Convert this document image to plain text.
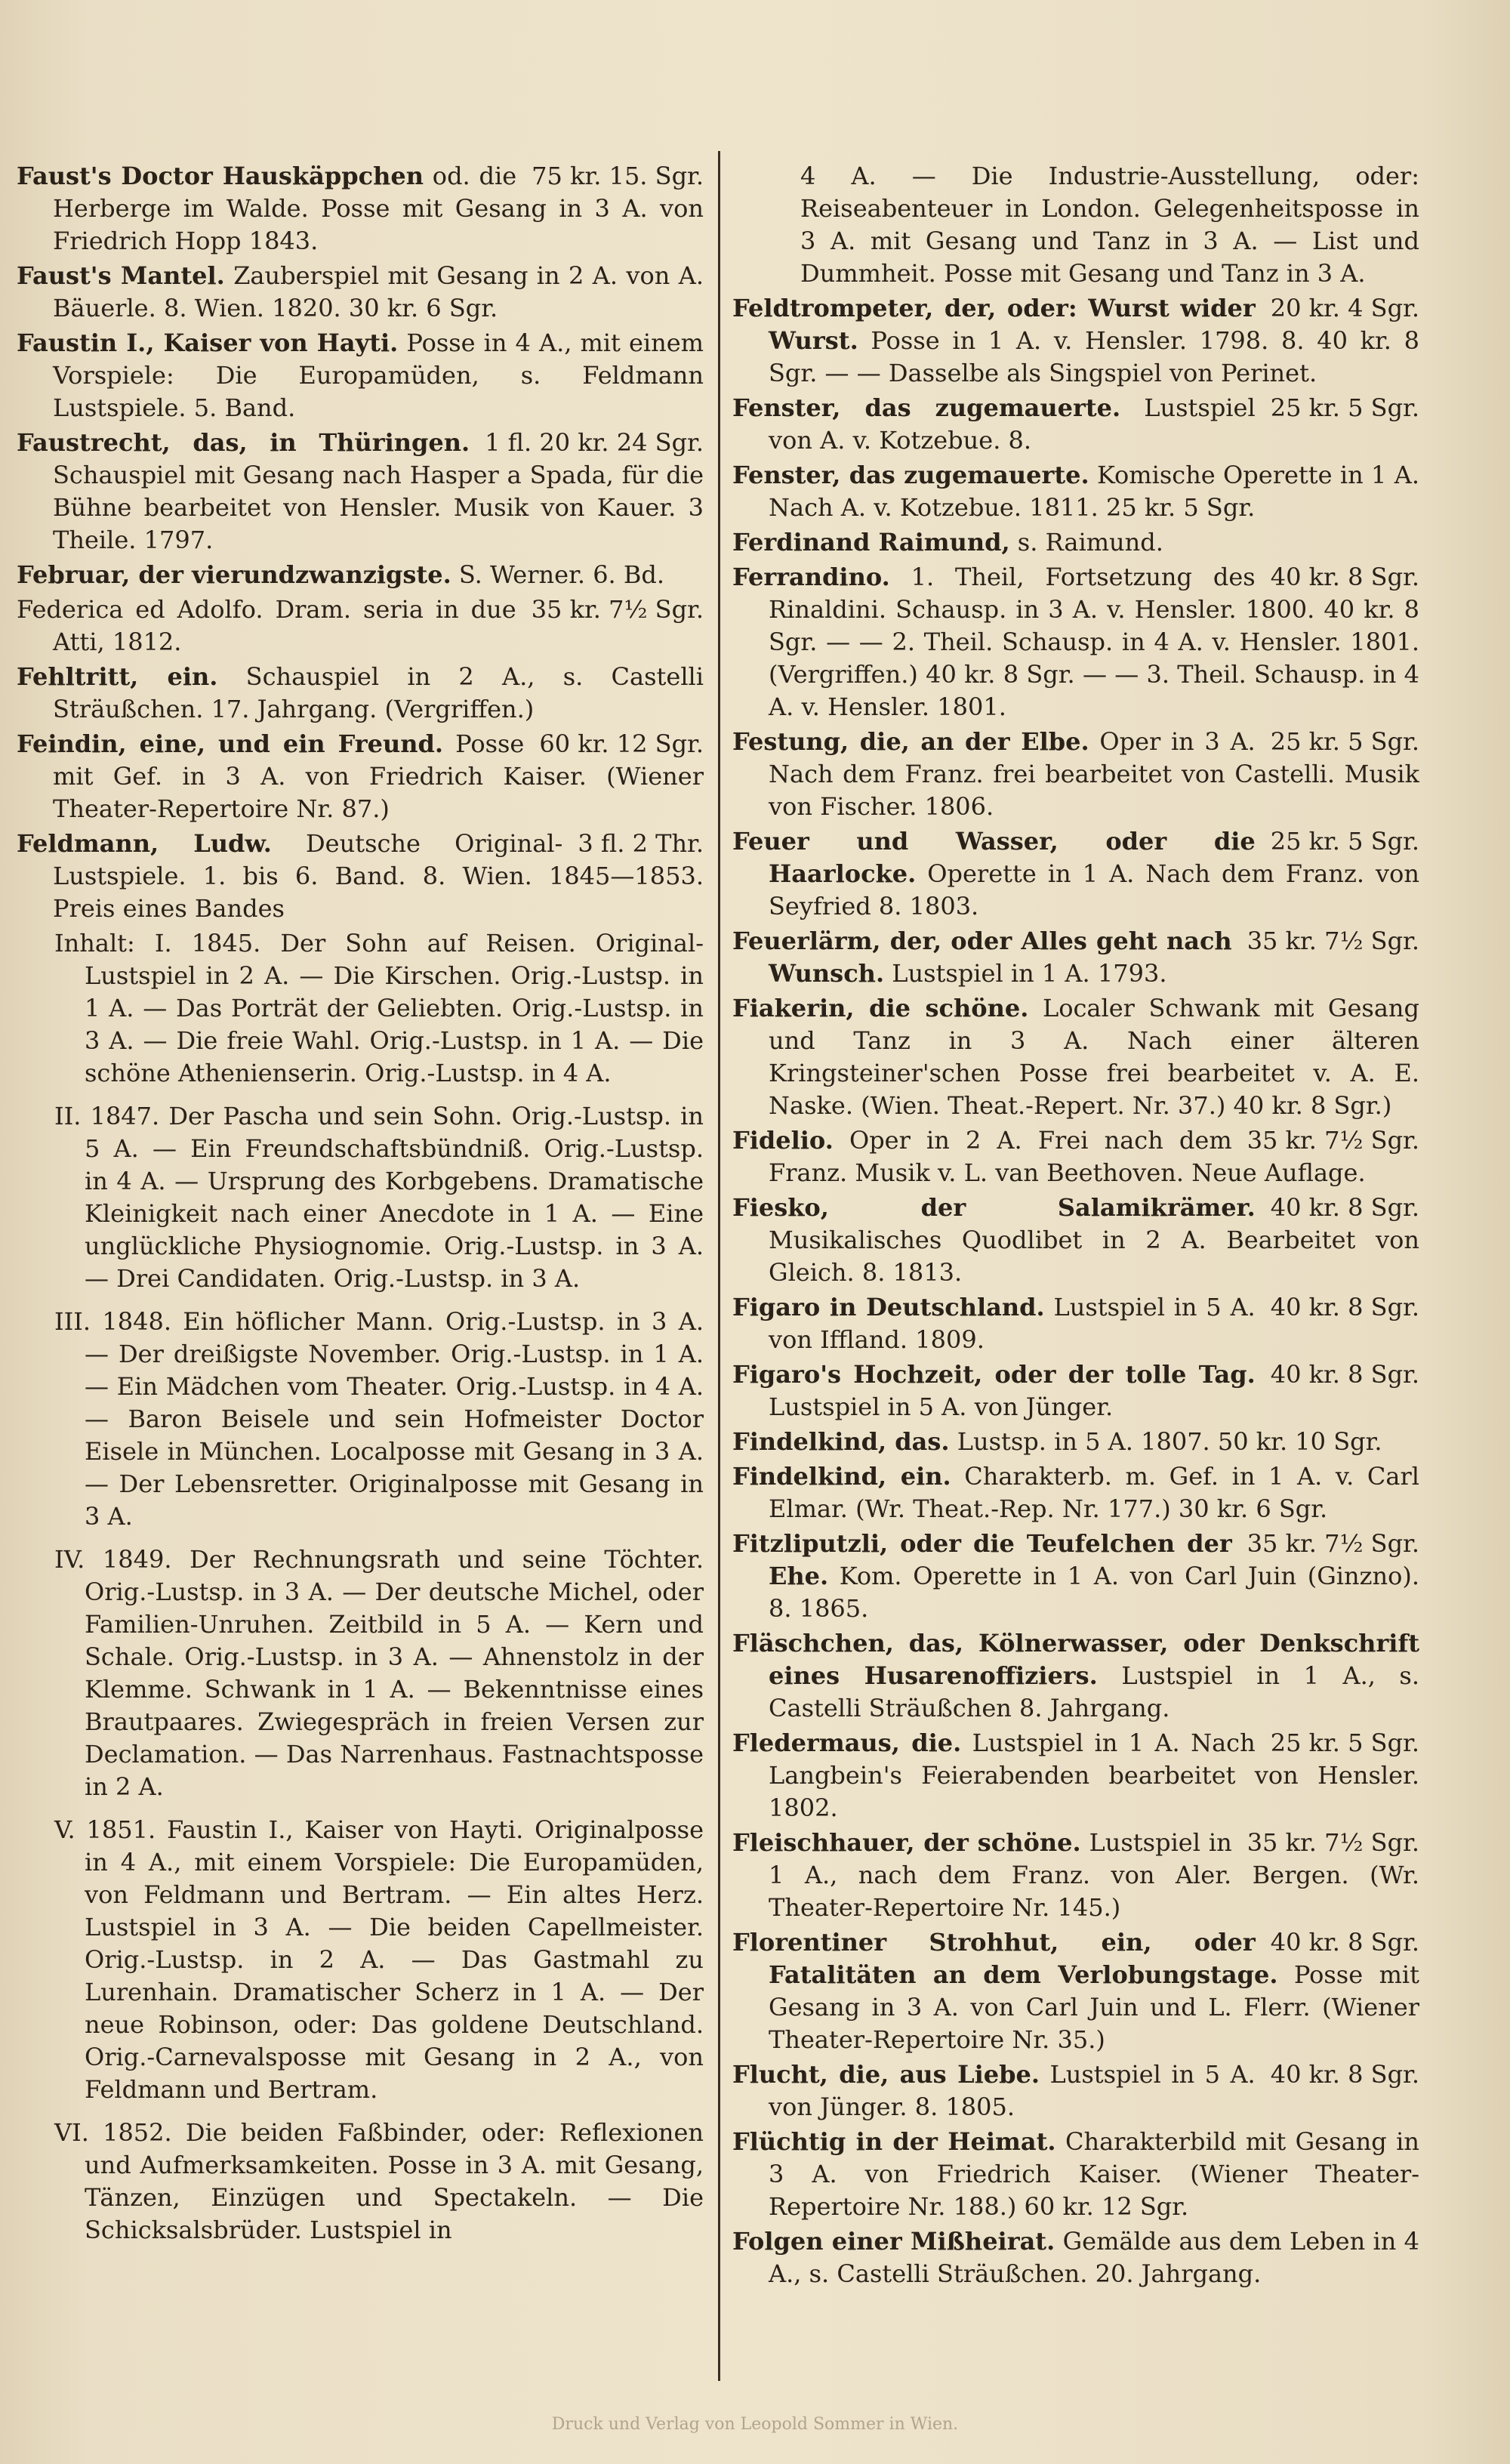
75 kr. 15. Sgr.
Faust's Doctor Hauskäppchen od. die Herberge im Walde. Posse mit Gesang in 3 A. von Friedrich Hopp 1843.

Faust's Mantel. Zauberspiel mit Gesang in 2 A. von A. Bäuerle. 8. Wien. 1820. 30 kr. 6 Sgr.

Faustin I., Kaiser von Hayti. Posse in 4 A., mit einem Vorspiele: Die Europamüden, s. Feldmann Lustspiele. 5. Band.

1 fl. 20 kr. 24 Sgr.
Faustrecht, das, in Thüringen. Schauspiel mit Gesang nach Hasper a Spada, für die Bühne bearbeitet von Hensler. Musik von Kauer. 3 Theile. 1797.

Februar, der vierundzwanzigste. S. Werner. 6. Bd.

35 kr. 7½ Sgr.
Federica ed Adolfo. Dram. seria in due Atti, 1812.

Fehltritt, ein. Schauspiel in 2 A., s. Castelli Sträußchen. 17. Jahrgang. (Vergriffen.)

60 kr. 12 Sgr.
Feindin, eine, und ein Freund. Posse mit Gef. in 3 A. von Friedrich Kaiser. (Wiener Theater-Repertoire Nr. 87.)

3 fl. 2 Thr.
Feldmann, Ludw. Deutsche Original-Lustspiele. 1. bis 6. Band. 8. Wien. 1845—1853. Preis eines Bandes

Inhalt: I. 1845. Der Sohn auf Reisen. Original-Lustspiel in 2 A. — Die Kirschen. Orig.-Lustsp. in 1 A. — Das Porträt der Geliebten. Orig.-Lustsp. in 3 A. — Die freie Wahl. Orig.-Lustsp. in 1 A. — Die schöne Athenienserin. Orig.-Lustsp. in 4 A.

II. 1847. Der Pascha und sein Sohn. Orig.-Lustsp. in 5 A. — Ein Freundschaftsbündniß. Orig.-Lustsp. in 4 A. — Ursprung des Korbgebens. Dramatische Kleinigkeit nach einer Anecdote in 1 A. — Eine unglückliche Physiognomie. Orig.-Lustsp. in 3 A. — Drei Candidaten. Orig.-Lustsp. in 3 A.

III. 1848. Ein höflicher Mann. Orig.-Lustsp. in 3 A. — Der dreißigste November. Orig.-Lustsp. in 1 A. — Ein Mädchen vom Theater. Orig.-Lustsp. in 4 A. — Baron Beisele und sein Hofmeister Doctor Eisele in München. Localposse mit Gesang in 3 A. — Der Lebensretter. Originalposse mit Gesang in 3 A.

IV. 1849. Der Rechnungsrath und seine Töchter. Orig.-Lustsp. in 3 A. — Der deutsche Michel, oder Familien-Unruhen. Zeitbild in 5 A. — Kern und Schale. Orig.-Lustsp. in 3 A. — Ahnenstolz in der Klemme. Schwank in 1 A. — Bekenntnisse eines Brautpaares. Zwiegespräch in freien Versen zur Declamation. — Das Narrenhaus. Fastnachtsposse in 2 A.

V. 1851. Faustin I., Kaiser von Hayti. Originalposse in 4 A., mit einem Vorspiele: Die Europamüden, von Feldmann und Bertram. — Ein altes Herz. Lustspiel in 3 A. — Die beiden Capellmeister. Orig.-Lustsp. in 2 A. — Das Gastmahl zu Lurenhain. Dramatischer Scherz in 1 A. — Der neue Robinson, oder: Das goldene Deutschland. Orig.-Carnevalsposse mit Gesang in 2 A., von Feldmann und Bertram.

VI. 1852. Die beiden Faßbinder, oder: Reflexionen und Aufmerksamkeiten. Posse in 3 A. mit Gesang, Tänzen, Einzügen und Spectakeln. — Die Schicksalsbrüder. Lustspiel in

4 A. — Die Industrie-Ausstellung, oder: Reiseabenteuer in London. Gelegenheitsposse in 3 A. mit Gesang und Tanz in 3 A. — List und Dummheit. Posse mit Gesang und Tanz in 3 A.

20 kr. 4 Sgr.
Feldtrompeter, der, oder: Wurst wider Wurst. Posse in 1 A. v. Hensler. 1798. 8. 40 kr. 8 Sgr. — — Dasselbe als Singspiel von Perinet.

25 kr. 5 Sgr.
Fenster, das zugemauerte. Lustspiel von A. v. Kotzebue. 8.

Fenster, das zugemauerte. Komische Operette in 1 A. Nach A. v. Kotzebue. 1811. 25 kr. 5 Sgr.

Ferdinand Raimund, s. Raimund.

40 kr. 8 Sgr.
Ferrandino. 1. Theil, Fortsetzung des Rinaldini. Schausp. in 3 A. v. Hensler. 1800. 40 kr. 8 Sgr. — — 2. Theil. Schausp. in 4 A. v. Hensler. 1801. (Vergriffen.) 40 kr. 8 Sgr. — — 3. Theil. Schausp. in 4 A. v. Hensler. 1801.

25 kr. 5 Sgr.
Festung, die, an der Elbe. Oper in 3 A. Nach dem Franz. frei bearbeitet von Castelli. Musik von Fischer. 1806.

25 kr. 5 Sgr.
Feuer und Wasser, oder die Haarlocke. Operette in 1 A. Nach dem Franz. von Seyfried 8. 1803.

35 kr. 7½ Sgr.
Feuerlärm, der, oder Alles geht nach Wunsch. Lustspiel in 1 A. 1793.

Fiakerin, die schöne. Localer Schwank mit Gesang und Tanz in 3 A. Nach einer älteren Kringsteiner'schen Posse frei bearbeitet v. A. E. Naske. (Wien. Theat.-Repert. Nr. 37.) 40 kr. 8 Sgr.)

35 kr. 7½ Sgr.
Fidelio. Oper in 2 A. Frei nach dem Franz. Musik v. L. van Beethoven. Neue Auflage.

40 kr. 8 Sgr.
Fiesko, der Salamikrämer. Musikalisches Quodlibet in 2 A. Bearbeitet von Gleich. 8. 1813.

40 kr. 8 Sgr.
Figaro in Deutschland. Lustspiel in 5 A. von Iffland. 1809.

40 kr. 8 Sgr.
Figaro's Hochzeit, oder der tolle Tag. Lustspiel in 5 A. von Jünger.

Findelkind, das. Lustsp. in 5 A. 1807. 50 kr. 10 Sgr.

Findelkind, ein. Charakterb. m. Gef. in 1 A. v. Carl Elmar. (Wr. Theat.-Rep. Nr. 177.) 30 kr. 6 Sgr.

35 kr. 7½ Sgr.
Fitzliputzli, oder die Teufelchen der Ehe. Kom. Operette in 1 A. von Carl Juin (Ginzno). 8. 1865.

Fläschchen, das, Kölnerwasser, oder Denkschrift eines Husarenoffiziers. Lustspiel in 1 A., s. Castelli Sträußchen 8. Jahrgang.

25 kr. 5 Sgr.
Fledermaus, die. Lustspiel in 1 A. Nach Langbein's Feierabenden bearbeitet von Hensler. 1802.

35 kr. 7½ Sgr.
Fleischhauer, der schöne. Lustspiel in 1 A., nach dem Franz. von Aler. Bergen. (Wr. Theater-Repertoire Nr. 145.)

40 kr. 8 Sgr.
Florentiner Strohhut, ein, oder Fatalitäten an dem Verlobungstage. Posse mit Gesang in 3 A. von Carl Juin und L. Flerr. (Wiener Theater-Repertoire Nr. 35.)

40 kr. 8 Sgr.
Flucht, die, aus Liebe. Lustspiel in 5 A. von Jünger. 8. 1805.

Flüchtig in der Heimat. Charakterbild mit Gesang in 3 A. von Friedrich Kaiser. (Wiener Theater-Repertoire Nr. 188.) 60 kr. 12 Sgr.

Folgen einer Mißheirat. Gemälde aus dem Leben in 4 A., s. Castelli Sträußchen. 20. Jahrgang.

Druck und Verlag von Leopold Sommer in Wien.
